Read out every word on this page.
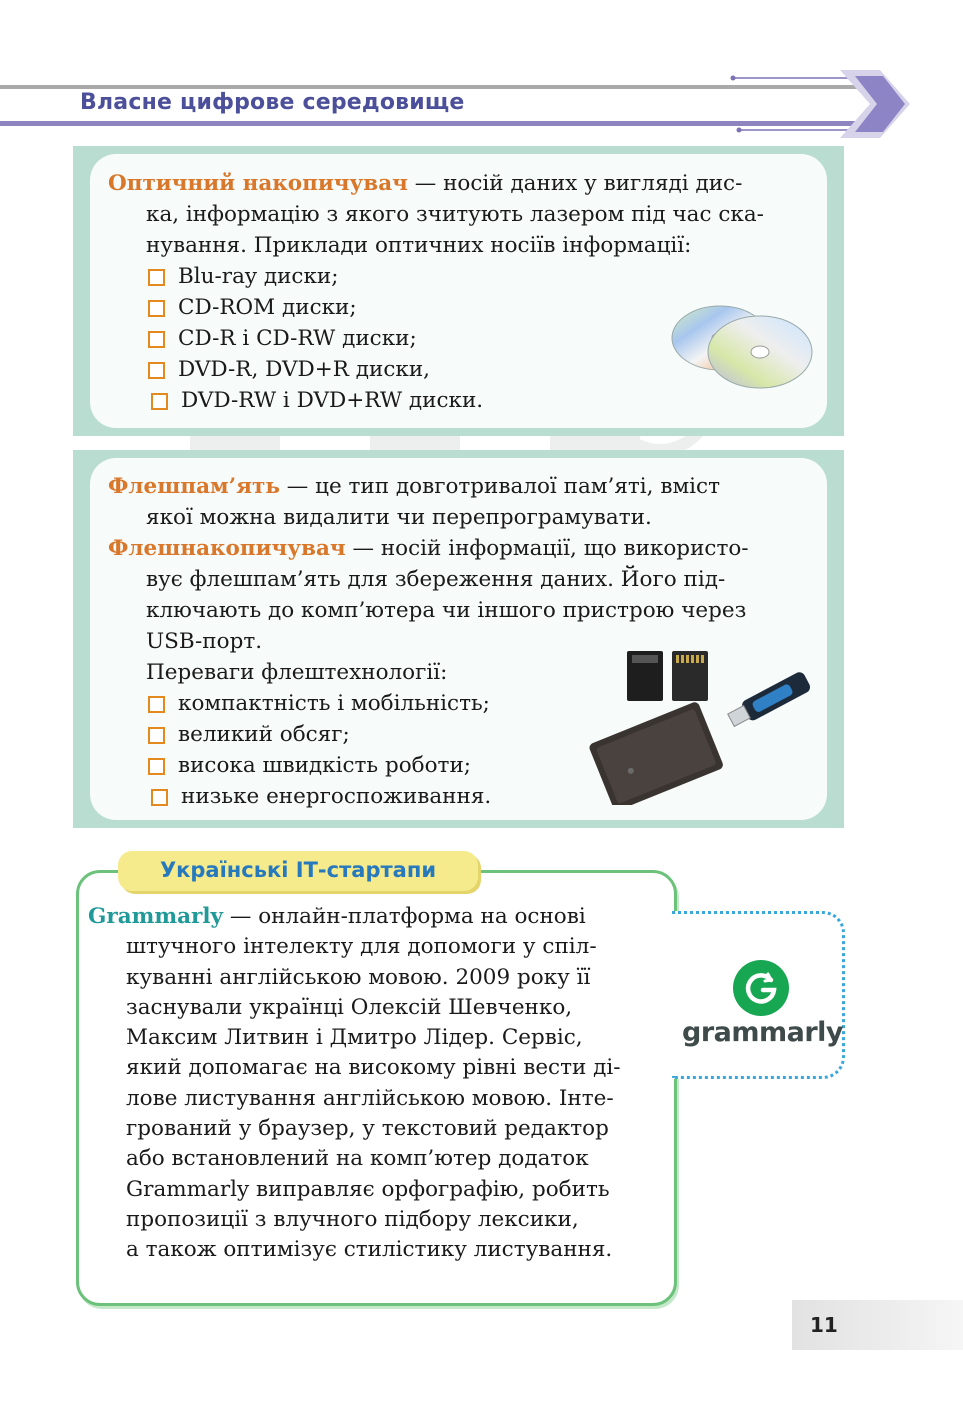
Власне цифрове середовище
Оптичний накопичувач — носій даних у вигляді дис-
ка, інформацію з якого зчитують лазером під час ска-
нування. Приклади оптичних носіїв інформації:
Blu-ray диски;
CD-ROM диски;
CD-R і CD-RW диски;
DVD-R, DVD+R диски,
DVD-RW і DVD+RW диски.
Флешпам’ять — це тип довготривалої пам’яті, вміст
якої можна видалити чи перепрограмувати.
Флешнакопичувач — носій інформації, що використо-
вує флешпам’ять для збереження даних. Його під-
ключають до комп’ютера чи іншого пристрою через
USB-порт.
Переваги флештехнології:
компактність і мобільність;
великий обсяг;
висока швидкість роботи;
низьке енергоспоживання.
Українські ІТ-стартапи
Grammarly — онлайн-платформа на основі
штучного інтелекту для допомоги у спіл-
куванні англійською мовою. 2009 року її
заснували українці Олексій Шевченко,
Максим Литвин і Дмитро Лідер. Сервіс,
який допомагає на високому рівні вести ді-
лове листування англійською мовою. Інте-
грований у браузер, у текстовий редактор
або встановлений на комп’ютер додаток
Grammarly виправляє орфографію, робить
пропозиції з влучного підбору лексики,
а також оптимізує стилістику листування.
grammarly
11
